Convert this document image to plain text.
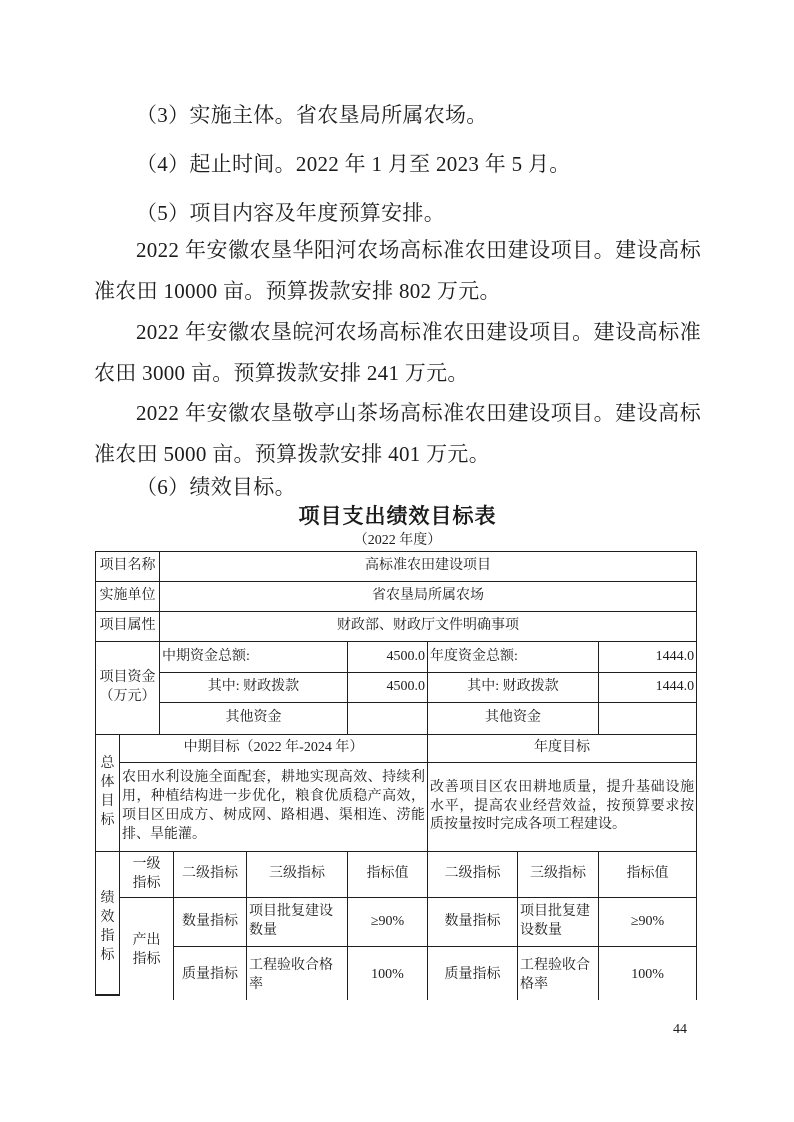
（3）实施主体。省农垦局所属农场。
（4）起止时间。2022 年 1 月至 2023 年 5 月。
（5）项目内容及年度预算安排。
2022 年安徽农垦华阳河农场高标准农田建设项目。建设高标准农田 10000 亩。预算拨款安排 802 万元。
2022 年安徽农垦皖河农场高标准农田建设项目。建设高标准农田 3000 亩。预算拨款安排 241 万元。
2022 年安徽农垦敬亭山茶场高标准农田建设项目。建设高标准农田 5000 亩。预算拨款安排 401 万元。
（6）绩效目标。
项目支出绩效目标表
（2022 年度）
项目名称		高标准农田建设项目						
实施单位		省农垦局所属农场						
项目属性		财政部、财政厅文件明确事项						
项目资金（万元）		中期资金总额:			4500.0	年度资金总额:		1444.0
		其中: 财政拨款			4500.0	其中: 财政拨款		1444.0
		其他资金				其他资金		
总体目标	中期目标（2022 年-2024 年）					年度目标		
	农田水利设施全面配套，耕地实现高效、持续利用，种植结构进一步优化，粮食优质稳产高效，项目区田成方、树成网、路相遇、渠相连、涝能排、旱能灌。					改善项目区农田耕地质量，提升基础设施水平，提高农业经营效益，按预算要求按质按量按时完成各项工程建设。		
绩效指标	一级指标		二级指标	三级指标	指标值	二级指标	三级指标	指标值

	产出指标		数量指标	项目批复建设数量	≥90%	数量指标	项目批复建设数量	≥90%
			质量指标	工程验收合格率	100%	质量指标	工程验收合格率	100%
44
